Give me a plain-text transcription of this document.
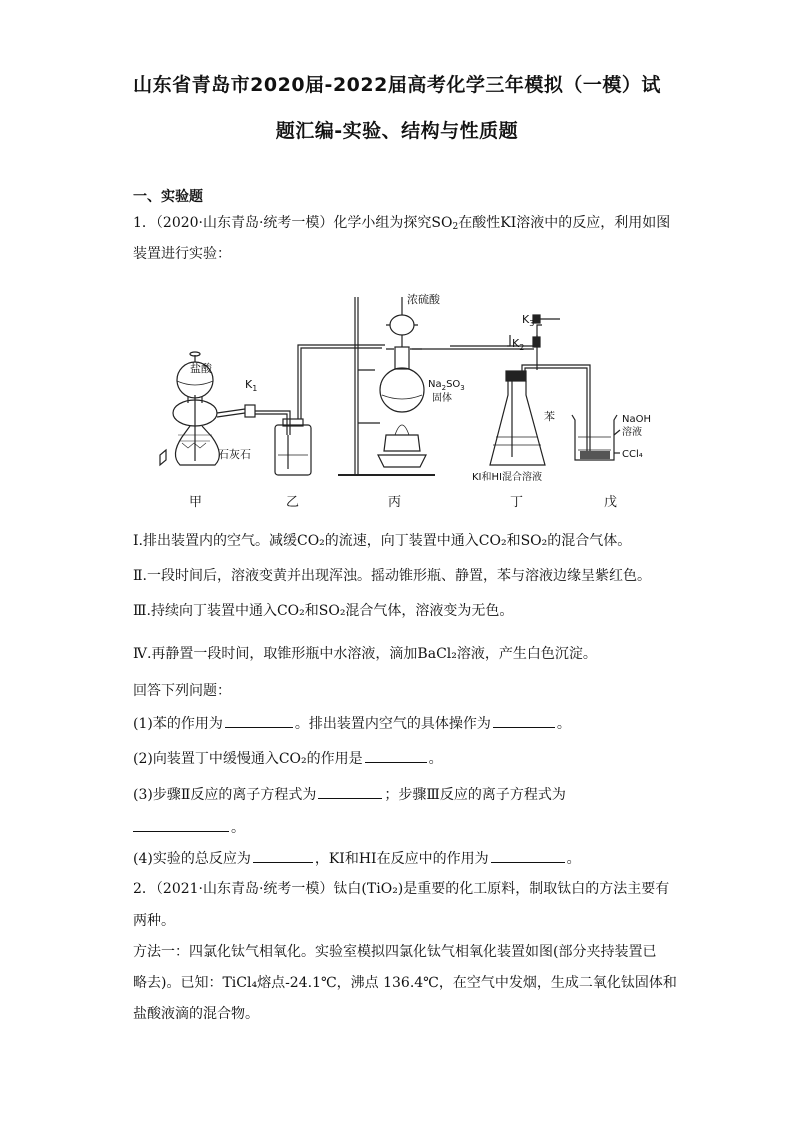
山东省青岛市2020届-2022届高考化学三年模拟（一模）试
题汇编-实验、结构与性质题
一、实验题
1．（2020·山东青岛·统考一模）化学小组为探究$SO_2$在酸性KI溶液中的反应，利用如图
装置进行实验：
盐酸
$K_1$
石灰石
浓硫酸
$Na_2SO_3$
固体
$K_3$
$K_2$
苯
KI和HI混合溶液
NaOH
溶液
CCl₄
甲	乙	丙	丁	戊
I.排出装置内的空气。减缓CO₂的流速，向丁装置中通入CO₂和SO₂的混合气体。
Ⅱ.一段时间后，溶液变黄并出现浑浊。摇动锥形瓶、静置，苯与溶液边缘呈紫红色。
Ⅲ.持续向丁装置中通入CO₂和SO₂混合气体，溶液变为无色。
Ⅳ.再静置一段时间，取锥形瓶中水溶液，滴加BaCl₂溶液，产生白色沉淀。
回答下列问题：
(1)苯的作用为	。排出装置内空气的具体操作为	。
(2)向装置丁中缓慢通入CO₂的作用是	。
(3)步骤Ⅱ反应的离子方程式为	；步骤Ⅲ反应的离子方程式为
。
(4)实验的总反应为	，KI和HI在反应中的作用为	。
2．（2021·山东青岛·统考一模）钛白(TiO₂)是重要的化工原料，制取钛白的方法主要有
两种。
方法一：四氯化钛气相氧化。实验室模拟四氯化钛气相氧化装置如图(部分夹持装置已
略去)。已知：TiCl₄熔点-24.1℃，沸点 136.4℃，在空气中发烟，生成二氧化钛固体和
盐酸液滴的混合物。
